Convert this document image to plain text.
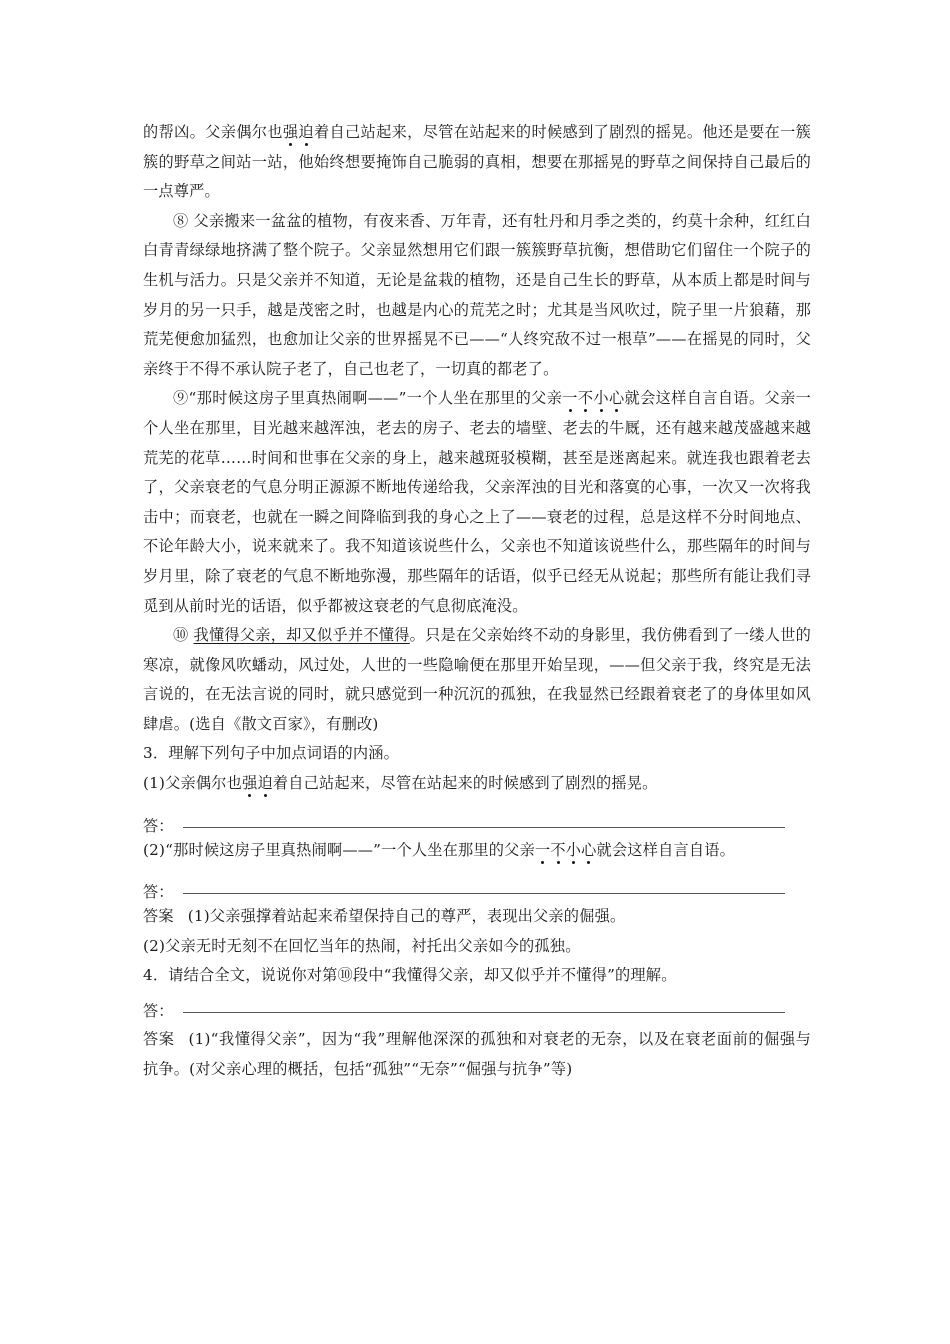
的帮凶。父亲偶尔也强迫着自己站起来，尽管在站起来的时候感到了剧烈的摇晃。他还是要在一簇簇的野草之间站一站，他始终想要掩饰自己脆弱的真相，想要在那摇晃的野草之间保持自己最后的一点尊严。

⑧ 父亲搬来一盆盆的植物，有夜来香、万年青，还有牡丹和月季之类的，约莫十余种，红红白白青青绿绿地挤满了整个院子。父亲显然想用它们跟一簇簇野草抗衡，想借助它们留住一个院子的生机与活力。只是父亲并不知道，无论是盆栽的植物，还是自己生长的野草，从本质上都是时间与岁月的另一只手，越是茂密之时，也越是内心的荒芜之时；尤其是当风吹过，院子里一片狼藉，那荒芜便愈加猛烈，也愈加让父亲的世界摇晃不已——“人终究敌不过一根草”——在摇晃的同时，父亲终于不得不承认院子老了，自己也老了，一切真的都老了。

⑨“那时候这房子里真热闹啊——”一个人坐在那里的父亲一不小心就会这样自言自语。父亲一个人坐在那里，目光越来越浑浊，老去的房子、老去的墙壁、老去的牛厩，还有越来越茂盛越来越荒芜的花草……时间和世事在父亲的身上，越来越斑驳模糊，甚至是迷离起来。就连我也跟着老去了，父亲衰老的气息分明正源源不断地传递给我，父亲浑浊的目光和落寞的心事，一次又一次将我击中；而衰老，也就在一瞬之间降临到我的身心之上了——衰老的过程，总是这样不分时间地点、不论年龄大小，说来就来了。我不知道该说些什么，父亲也不知道该说些什么，那些隔年的时间与岁月里，除了衰老的气息不断地弥漫，那些隔年的话语，似乎已经无从说起；那些所有能让我们寻觅到从前时光的话语，似乎都被这衰老的气息彻底淹没。

⑩ 我懂得父亲，却又似乎并不懂得。只是在父亲始终不动的身影里，我仿佛看到了一缕人世的寒凉，就像风吹蟠动，风过处，人世的一些隐喻便在那里开始呈现，——但父亲于我，终究是无法言说的，在无法言说的同时，就只感觉到一种沉沉的孤独，在我显然已经跟着衰老了的身体里如风肆虐。(选自《散文百家》，有删改)

3．理解下列句子中加点词语的内涵。

(1)父亲偶尔也强迫着自己站起来，尽管在站起来的时候感到了剧烈的摇晃。

答：

(2)“那时候这房子里真热闹啊——”一个人坐在那里的父亲一不小心就会这样自言自语。

答：

答案 (1)父亲强撑着站起来希望保持自己的尊严，表现出父亲的倔强。

(2)父亲无时无刻不在回忆当年的热闹，衬托出父亲如今的孤独。

4．请结合全文，说说你对第⑩段中“我懂得父亲，却又似乎并不懂得”的理解。

答：

答案 (1)“我懂得父亲”，因为“我”理解他深深的孤独和对衰老的无奈，以及在衰老面前的倔强与抗争。(对父亲心理的概括，包括“孤独”“无奈”“倔强与抗争”等)
